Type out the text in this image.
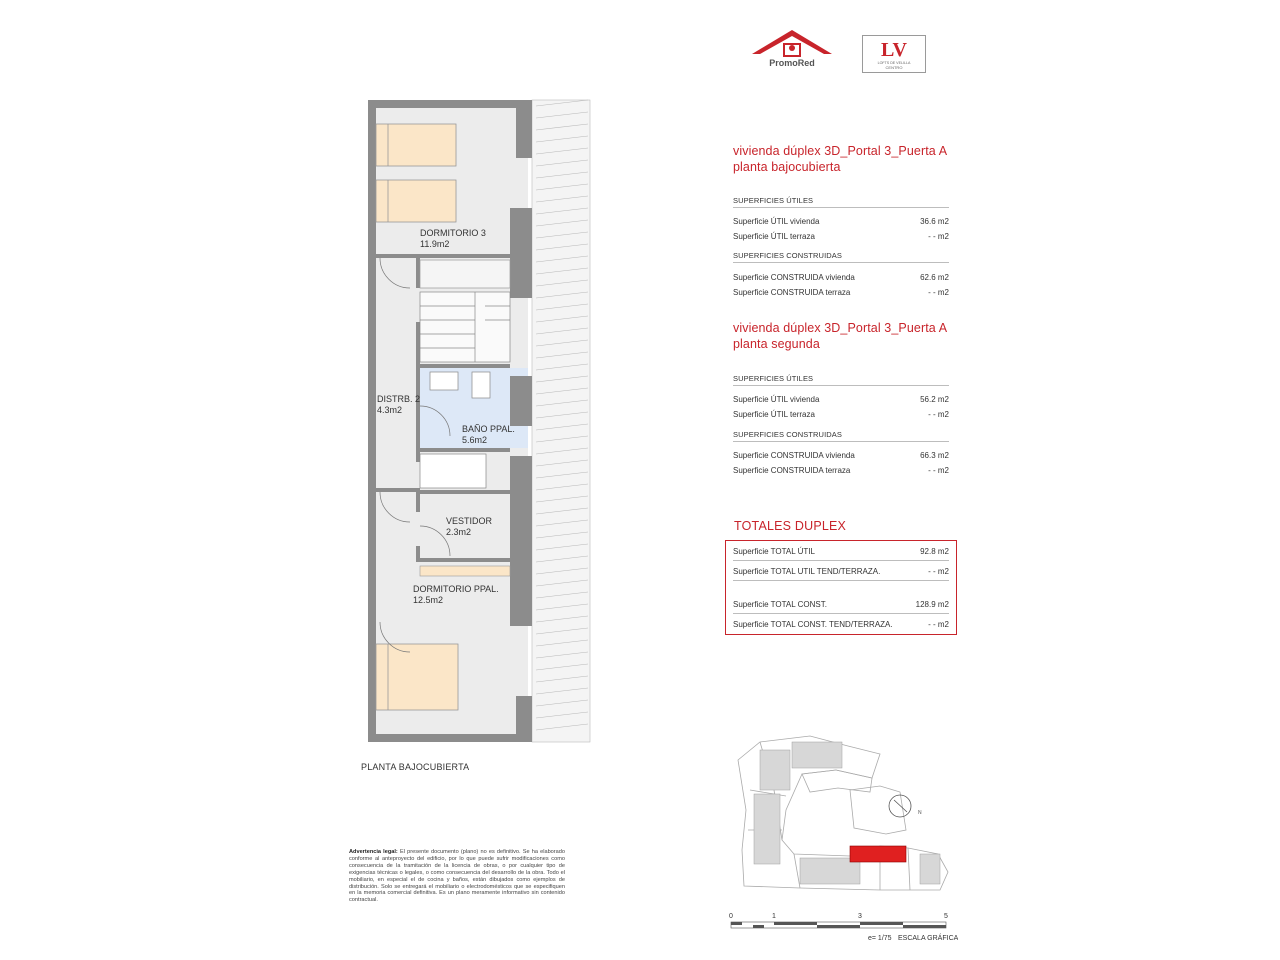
PromoRed
LV
LOFTS DE VELILLA
CENTRO
DORMITORIO 3
11.9m2
DISTRB. 2
4.3m2
BAÑO PPAL.
5.6m2
VESTIDOR
2.3m2
DORMITORIO PPAL.
12.5m2
PLANTA BAJOCUBIERTA
vivienda dúplex 3D_Portal 3_Puerta A
planta bajocubierta
SUPERFICIES ÚTILES
Superficie ÚTIL vivienda	36.6 m2
Superficie ÚTIL terraza	- - m2
SUPERFICIES CONSTRUIDAS
Superficie CONSTRUIDA vivienda	62.6 m2
Superficie CONSTRUIDA terraza	- - m2
vivienda dúplex 3D_Portal 3_Puerta A
planta segunda
SUPERFICIES ÚTILES
Superficie ÚTIL vivienda	56.2 m2
Superficie ÚTIL terraza	- - m2
SUPERFICIES CONSTRUIDAS
Superficie CONSTRUIDA vivienda	66.3 m2
Superficie CONSTRUIDA terraza	- - m2
TOTALES DUPLEX
Superficie TOTAL ÚTIL	92.8 m2
Superficie TOTAL UTIL TEND/TERRAZA.	- - m2
Superficie TOTAL CONST.	128.9 m2
Superficie TOTAL CONST. TEND/TERRAZA.	- - m2
Advertencia legal: El presente documento (plano) no es definitivo. Se ha elaborado conforme al anteproyecto del edificio, por lo que puede sufrir modificaciones como consecuencia de la tramitación de la licencia de obras, o por cualquier tipo de exigencias técnicas o legales, o como consecuencia del desarrollo de la obra. Todo el mobiliario, en especial el de cocina y baños, están dibujados como ejemplos de distribución. Solo se entregará el mobiliario o electrodomésticos que se especifiquen en la memoria comercial definitiva. Es un plano meramente informativo sin contenido contractual.
N
0	1	3	5
e= 1/75 ESCALA GRÁFICA
